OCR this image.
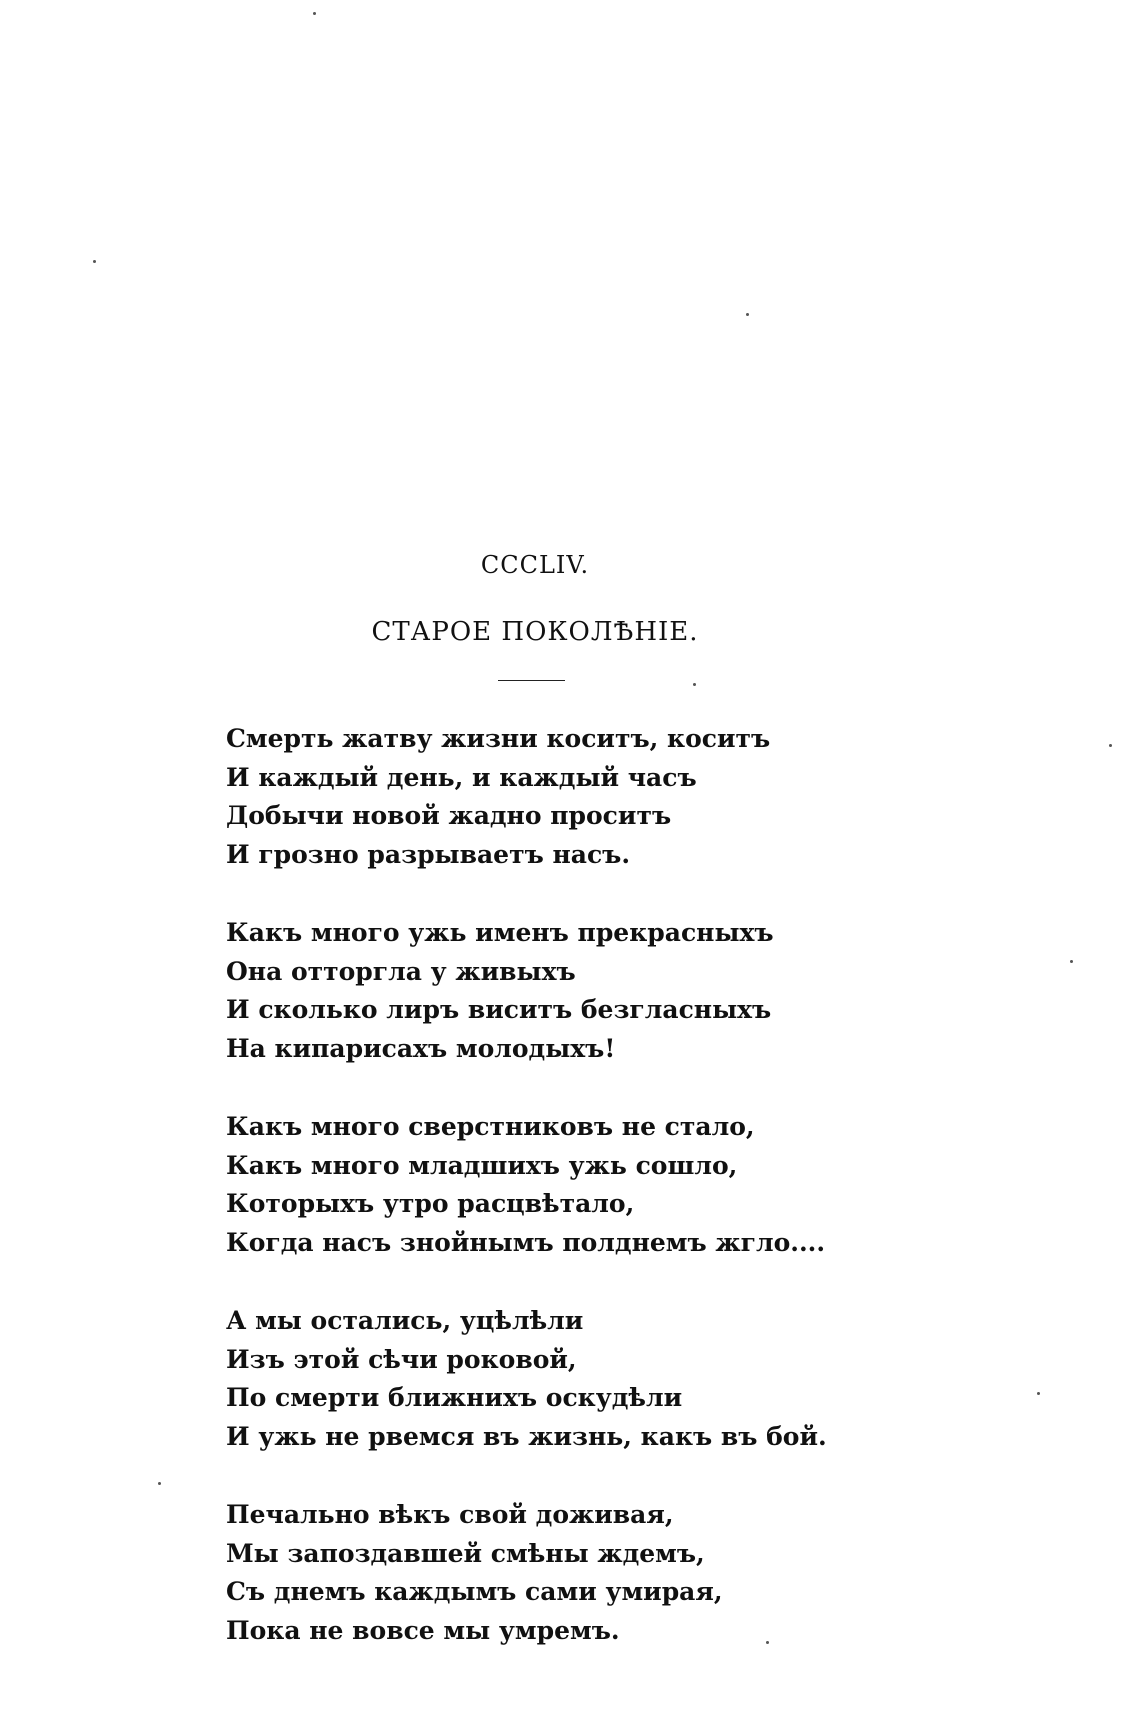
CCCLIV.
СТАРОЕ ПОКОЛѢНІЕ.
Смерть жатву жизни коситъ, коситъ
И каждый день, и каждый часъ
Добычи новой жадно проситъ
И грозно разрываетъ насъ.
Какъ много ужь именъ прекрасныхъ
Она отторгла у живыхъ
И сколько лиръ виситъ безгласныхъ
На кипарисахъ молодыхъ!
Какъ много сверстниковъ не стало,
Какъ много младшихъ ужь сошло,
Которыхъ утро расцвѣтало,
Когда насъ знойнымъ полднемъ жгло....
А мы остались, уцѣлѣли
Изъ этой сѣчи роковой,
По смерти ближнихъ оскудѣли
И ужь не рвемся въ жизнь, какъ въ бой.
Печально вѣкъ свой доживая,
Мы запоздавшей смѣны ждемъ,
Съ днемъ каждымъ сами умирая,
Пока не вовсе мы умремъ.
